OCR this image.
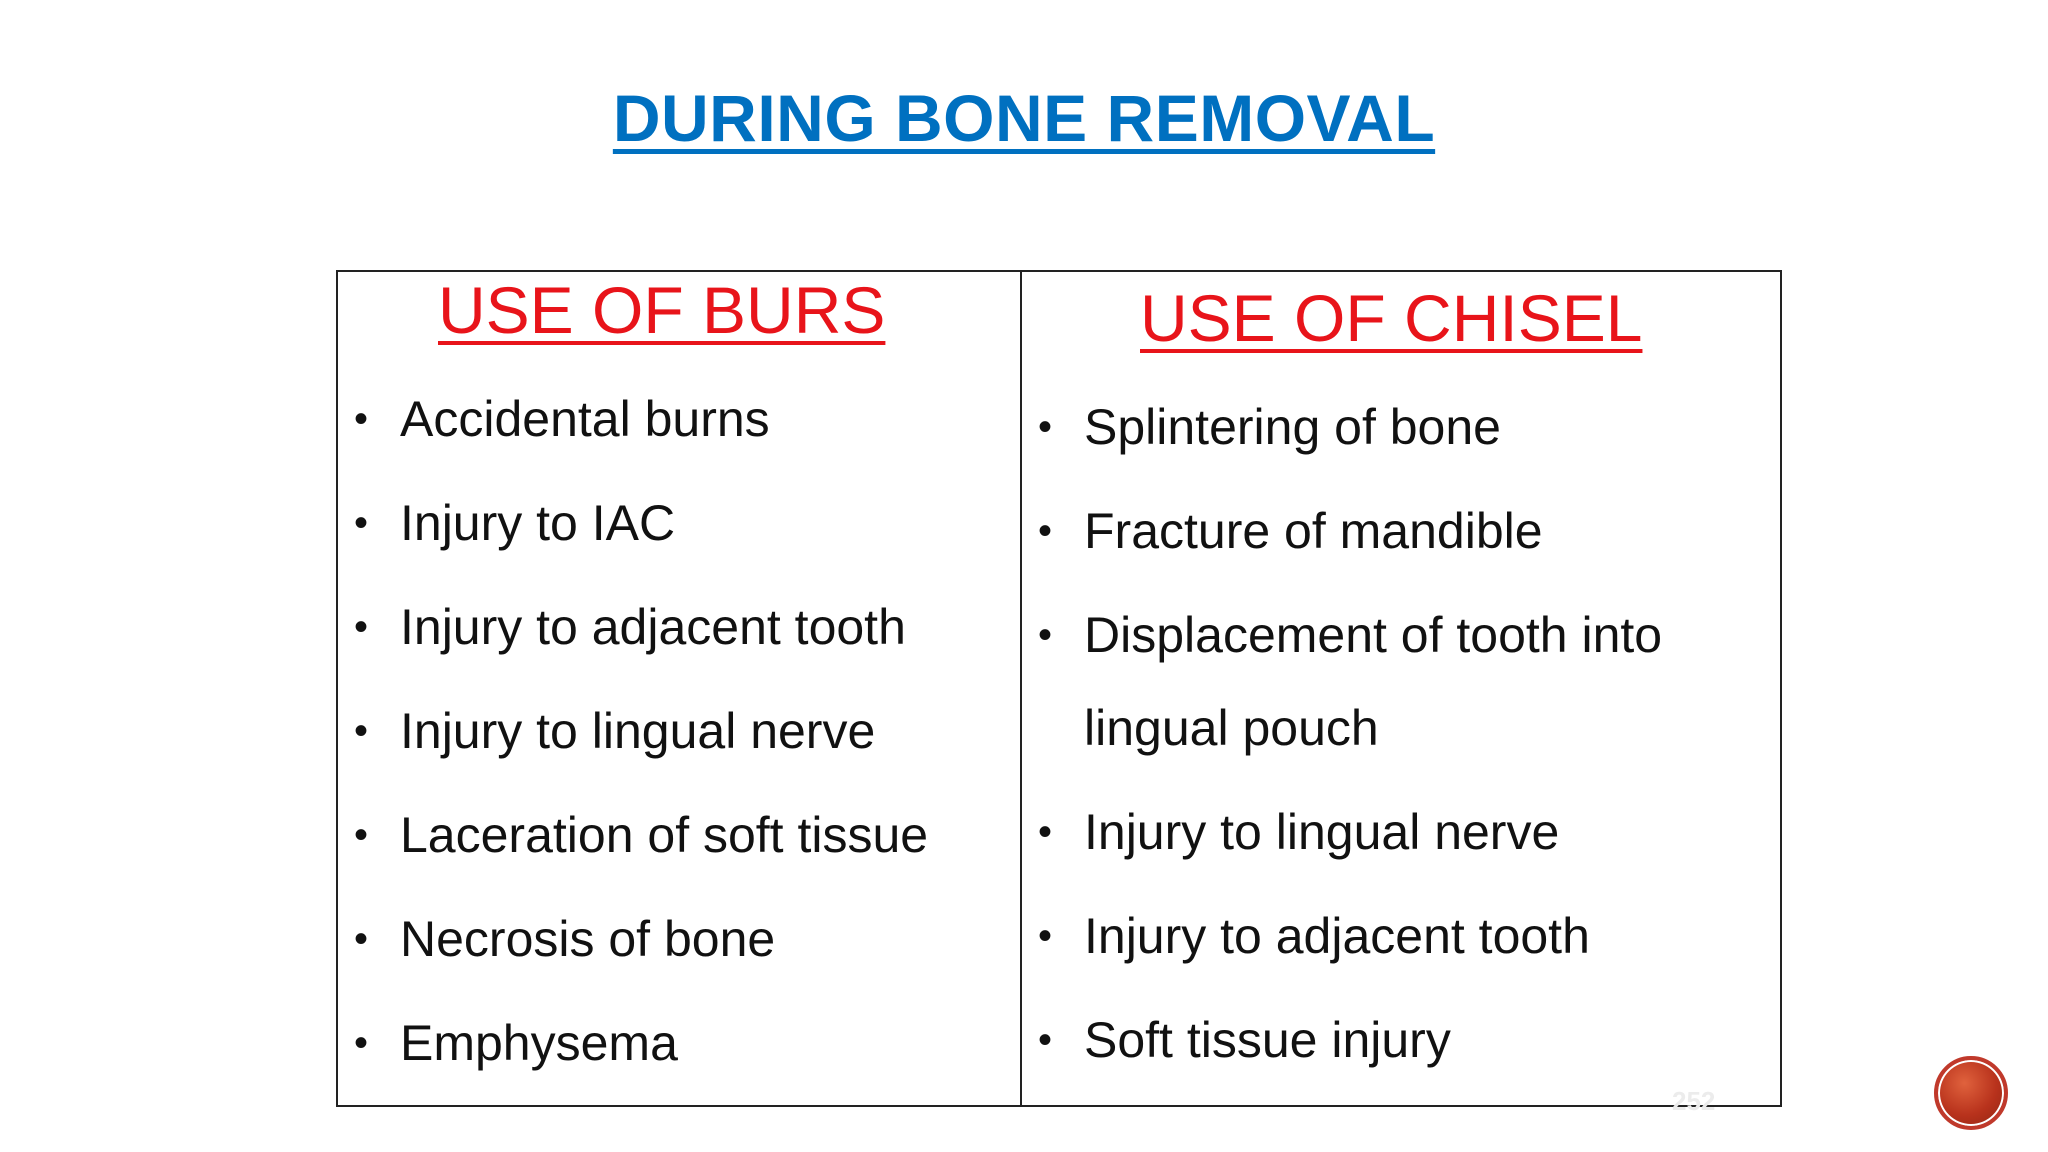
DURING BONE REMOVAL
USE OF BURS
• Accidental burns
• Injury to IAC
• Injury to adjacent tooth
• Injury to lingual nerve
• Laceration of soft tissue
• Necrosis of bone
• Emphysema
USE OF CHISEL
• Splintering of bone
• Fracture of mandible
• Displacement of tooth into lingual pouch
• Injury to lingual nerve
• Injury to adjacent tooth
• Soft tissue injury
252
